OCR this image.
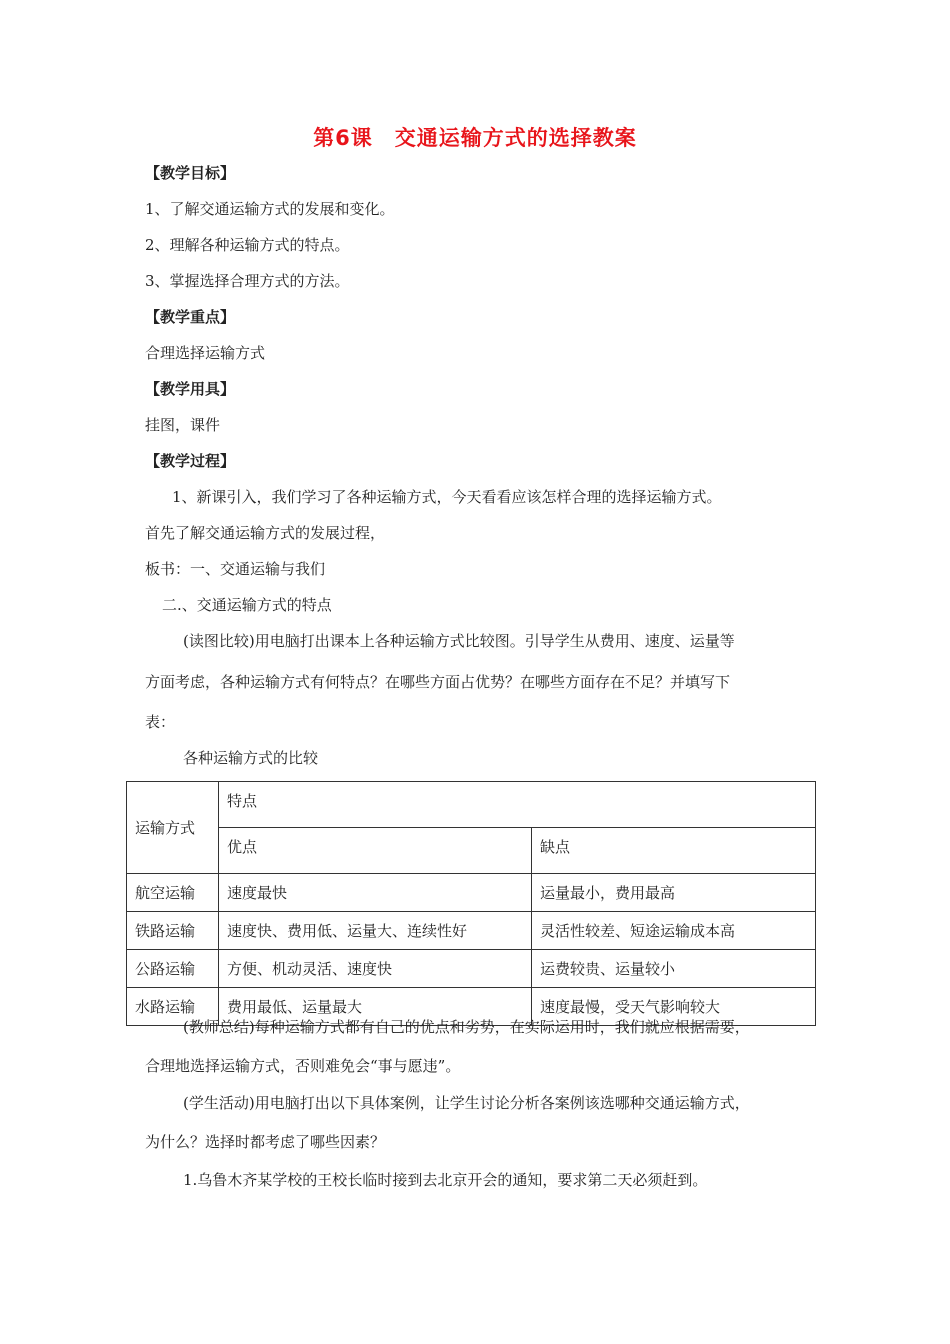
第6课　交通运输方式的选择教案
【教学目标】
1、了解交通运输方式的发展和变化。
2、理解各种运输方式的特点。
3、掌握选择合理方式的方法。
【教学重点】
合理选择运输方式
【教学用具】
挂图，课件
【教学过程】
1、新课引入，我们学习了各种运输方式，今天看看应该怎样合理的选择运输方式。
首先了解交通运输方式的发展过程，
板书：一、交通运输与我们
二.、交通运输方式的特点
(读图比较)用电脑打出课本上各种运输方式比较图。引导学生从费用、速度、运量等
方面考虑，各种运输方式有何特点？在哪些方面占优势？在哪些方面存在不足？并填写下
表：
各种运输方式的比较
运输方式	特点	
	优点	缺点
航空运输	速度最快	运量最小，费用最高
铁路运输	速度快、费用低、运量大、连续性好	灵活性较差、短途运输成本高
公路运输	方便、机动灵活、速度快	运费较贵、运量较小
水路运输	费用最低、运量最大	速度最慢，受天气影响较大
(教师总结)每种运输方式都有自己的优点和劣势，在实际运用时，我们就应根据需要，
合理地选择运输方式，否则难免会“事与愿违”。
(学生活动)用电脑打出以下具体案例，让学生讨论分析各案例该选哪种交通运输方式，
为什么？选择时都考虑了哪些因素？
1.乌鲁木齐某学校的王校长临时接到去北京开会的通知，要求第二天必须赶到。
